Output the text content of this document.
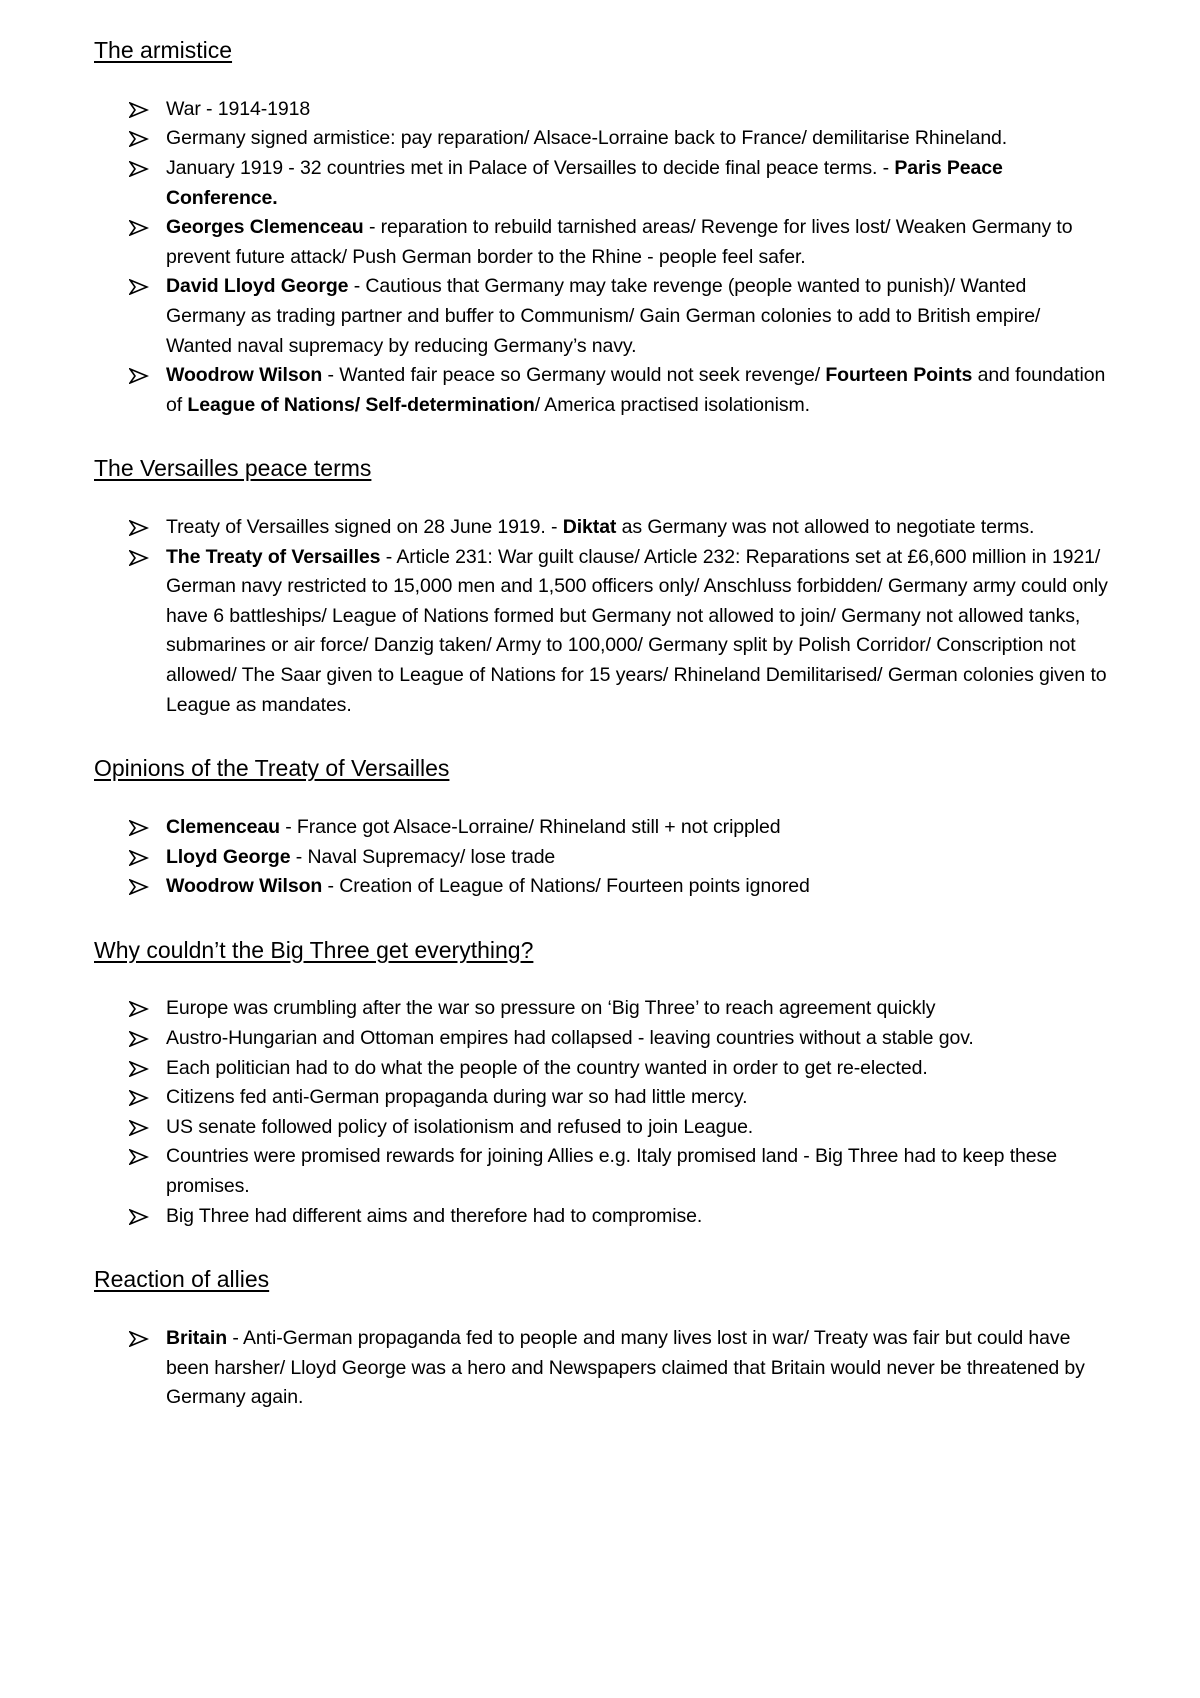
The armistice
War - 1914-1918
Germany signed armistice: pay reparation/ Alsace-Lorraine back to France/ demilitarise Rhineland.
January 1919 - 32 countries met in Palace of Versailles to decide final peace terms. - Paris Peace Conference.
Georges Clemenceau - reparation to rebuild tarnished areas/ Revenge for lives lost/ Weaken Germany to prevent future attack/ Push German border to the Rhine - people feel safer.
David Lloyd George - Cautious that Germany may take revenge (people wanted to punish)/ Wanted Germany as trading partner and buffer to Communism/ Gain German colonies to add to British empire/ Wanted naval supremacy by reducing Germany’s navy.
Woodrow Wilson - Wanted fair peace so Germany would not seek revenge/ Fourteen Points and foundation of League of Nations/ Self-determination/ America practised isolationism.
The Versailles peace terms
Treaty of Versailles signed on 28 June 1919. - Diktat as Germany was not allowed to negotiate terms.
The Treaty of Versailles - Article 231: War guilt clause/ Article 232: Reparations set at £6,600 million in 1921/ German navy restricted to 15,000 men and 1,500 officers only/ Anschluss forbidden/ Germany army could only have 6 battleships/ League of Nations formed but Germany not allowed to join/ Germany not allowed tanks, submarines or air force/ Danzig taken/ Army to 100,000/ Germany split by Polish Corridor/ Conscription not allowed/ The Saar given to League of Nations for 15 years/ Rhineland Demilitarised/ German colonies given to League as mandates.
Opinions of the Treaty of Versailles
Clemenceau - France got Alsace-Lorraine/ Rhineland still + not crippled
Lloyd George - Naval Supremacy/ lose trade
Woodrow Wilson - Creation of League of Nations/ Fourteen points ignored
Why couldn’t the Big Three get everything?
Europe was crumbling after the war so pressure on ‘Big Three’ to reach agreement quickly
Austro-Hungarian and Ottoman empires had collapsed - leaving countries without a stable gov.
Each politician had to do what the people of the country wanted in order to get re-elected.
Citizens fed anti-German propaganda during war so had little mercy.
US senate followed policy of isolationism and refused to join League.
Countries were promised rewards for joining Allies e.g. Italy promised land - Big Three had to keep these promises.
Big Three had different aims and therefore had to compromise.
Reaction of allies
Britain - Anti-German propaganda fed to people and many lives lost in war/ Treaty was fair but could have been harsher/ Lloyd George was a hero and Newspapers claimed that Britain would never be threatened by Germany again.
